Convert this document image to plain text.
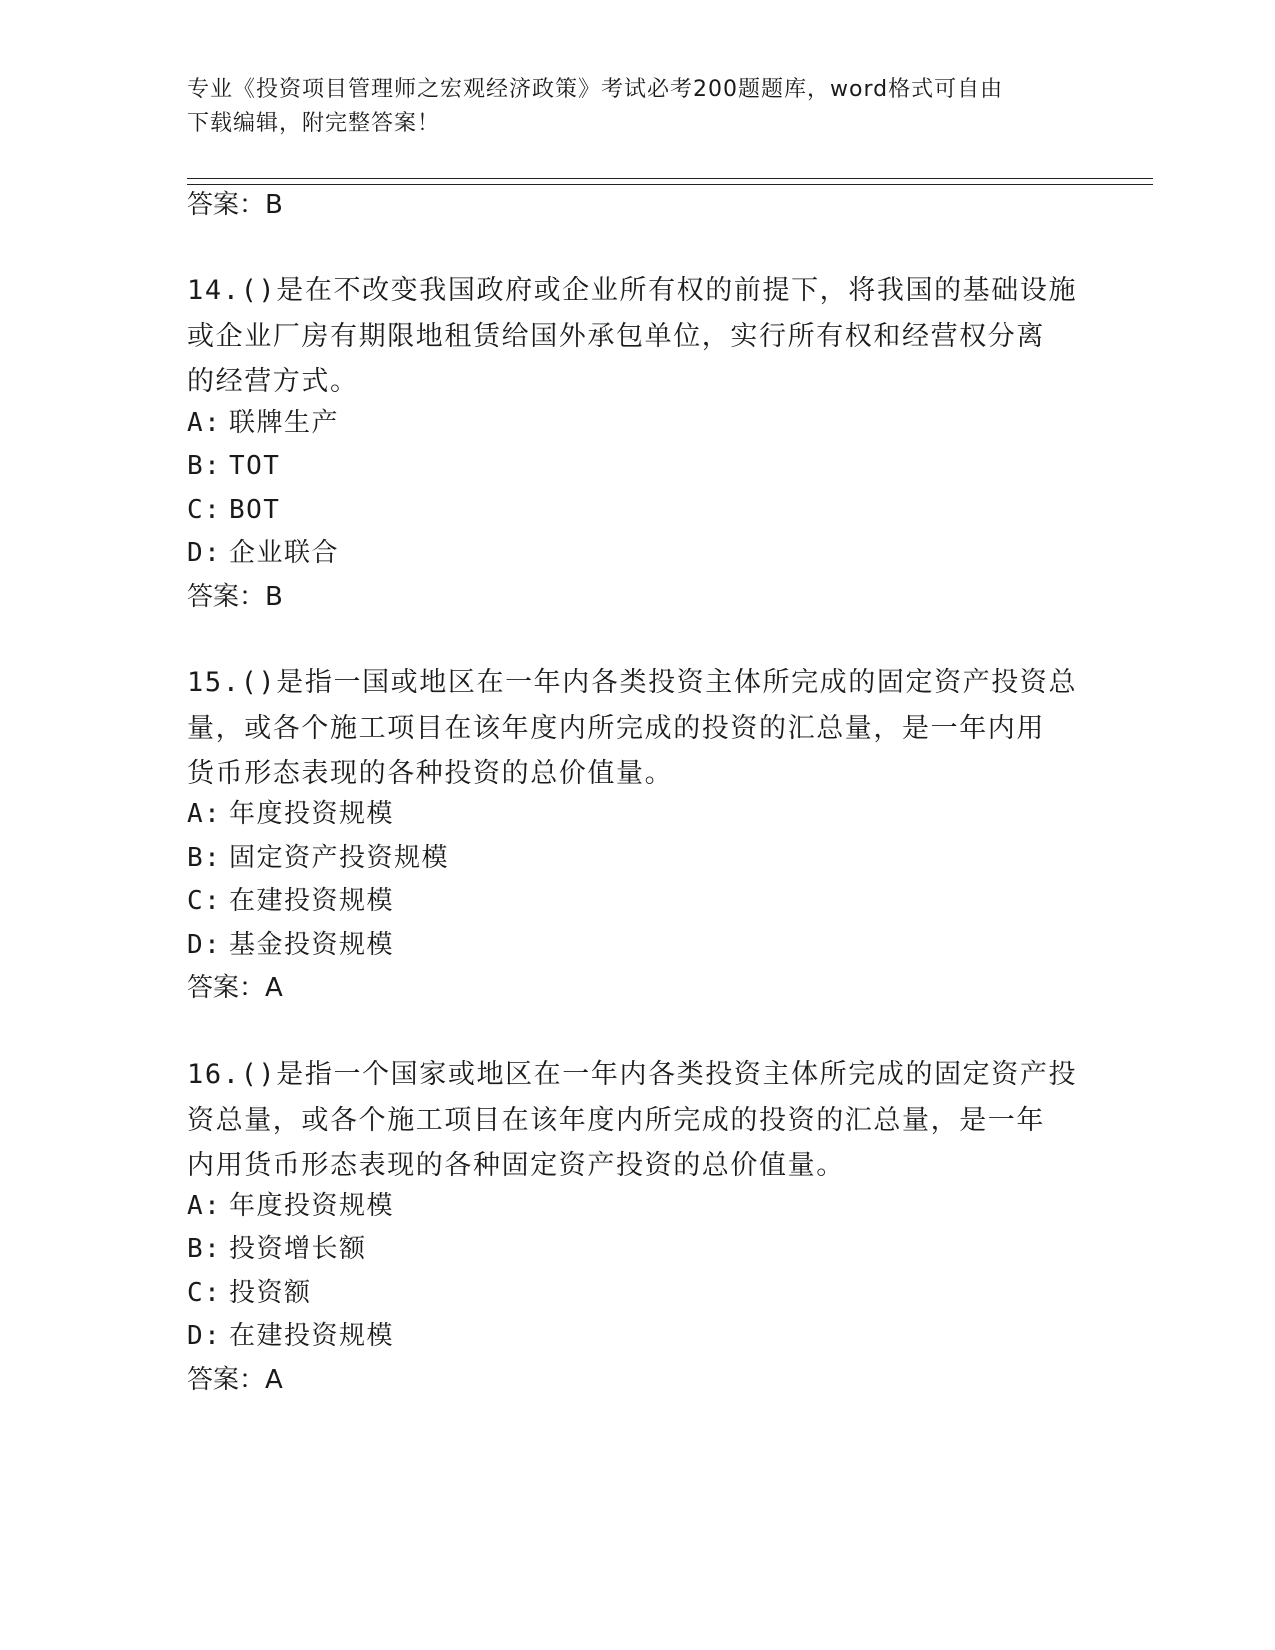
专业《投资项目管理师之宏观经济政策》考试必考200题题库，word格式可自由
下载编辑，附完整答案！
答案：B
14.()是在不改变我国政府或企业所有权的前提下，将我国的基础设施
或企业厂房有期限地租赁给国外承包单位，实行所有权和经营权分离
的经营方式。
A: 联牌生产
B: TOT
C: BOT
D: 企业联合
答案：B
15.()是指一国或地区在一年内各类投资主体所完成的固定资产投资总
量，或各个施工项目在该年度内所完成的投资的汇总量，是一年内用
货币形态表现的各种投资的总价值量。
A: 年度投资规模
B: 固定资产投资规模
C: 在建投资规模
D: 基金投资规模
答案：A
16.()是指一个国家或地区在一年内各类投资主体所完成的固定资产投
资总量，或各个施工项目在该年度内所完成的投资的汇总量，是一年
内用货币形态表现的各种固定资产投资的总价值量。
A: 年度投资规模
B: 投资增长额
C: 投资额
D: 在建投资规模
答案：A
